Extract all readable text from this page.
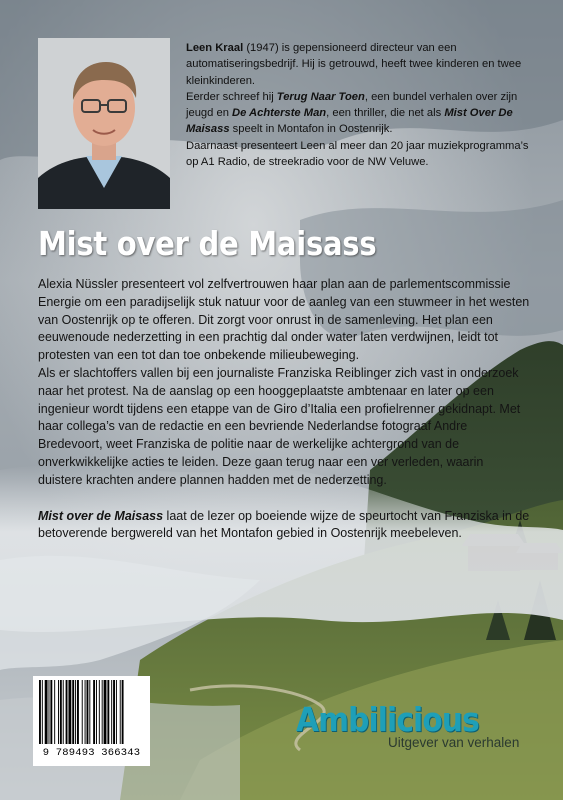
Leen Kraal (1947) is gepensioneerd directeur van een automatiseringsbedrijf. Hij is getrouwd, heeft twee kinderen en twee kleinkinderen.

Eerder schreef hij Terug Naar Toen, een bundel verhalen over zijn jeugd en De Achterste Man, een thriller, die net als Mist Over De Maisass speelt in Montafon in Oostenrijk.

Daarnaast presenteert Leen al meer dan 20 jaar muziekprogramma’s op A1 Radio, de streekradio voor de NW Veluwe.

Mist over de Maisass

Alexia Nüssler presenteert vol zelfvertrouwen haar plan aan de parlementscommissie Energie om een paradijselijk stuk natuur voor de aanleg van een stuwmeer in het westen van Oostenrijk op te offeren. Dit zorgt voor onrust in de samenleving. Het plan een eeuwenoude nederzetting in een prachtig dal onder water laten verdwijnen, leidt tot protesten van een tot dan toe onbekende milieubeweging.

Als er slachtoffers vallen bij een journaliste Franziska Reiblinger zich vast in onderzoek naar het protest. Na de aanslag op een hooggeplaatste ambtenaar en later op een ingenieur wordt tijdens een etappe van de Giro d’Italia een profielrenner gekidnapt. Met haar collega’s van de redactie en een bevriende Nederlandse fotograaf Andre Bredevoort, weet Franziska de politie naar de werkelijke achtergrond van de onverkwikkelijke acties te leiden. Deze gaan terug naar een ver verleden, waarin duistere krachten andere plannen hadden met de nederzetting.

Mist over de Maisass laat de lezer op boeiende wijze de speurtocht van Franziska in de betoverende bergwereld van het Montafon gebied in Oostenrijk meebeleven.

9 789493 366343
Ambilicious
Uitgever van verhalen
